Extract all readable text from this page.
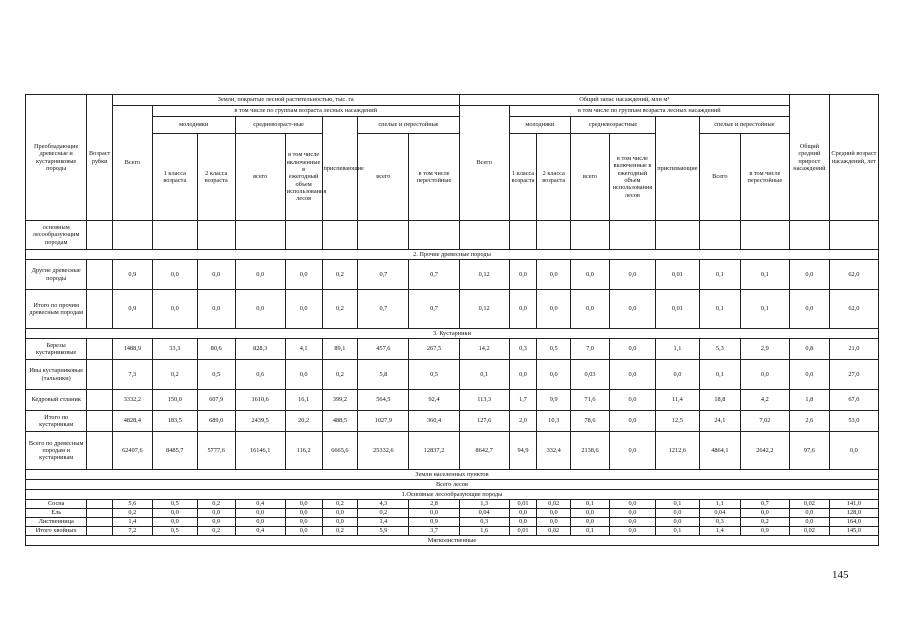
Преобладающие древесные и кустарниковые породы	Возраст рубки	Земли, покрытые лесной растительностью, тыс. га								Общий запас насаждений, млн м³								Общий средний прирост насаждений	Средний возраст насаждений, лет
		Всего	в том числе по группам возраста лесных насаждений							Всего	в том числе по группам возраста лесных насаждений								
			молодняки		средневозраст-ные		приспевающие	спелые и перестойные			молодняки		средневозрастные		приспевающие	спелые и перестойные			
			1 класса возраста	2 класса возраста	всего	в том числе включенные в ежегодный объем использования лесов		всего	в том числе перестойные		1 класса возраста	2 класса возраста	всего	в том числе включенные в ежегодный объем использования лесов		Всего	в том числе перестойные		
основным лесообразующим породам																			
2. Прочие древесные породы																			
Другие древесные породы		0,9	0,0	0,0	0,0	0,0	0,2	0,7	0,7	0,12	0,0	0,0	0,0	0,0	0,01	0,1	0,1	0,0	62,0
Итого по прочим древесным породам		0,9	0,0	0,0	0,0	0,0	0,2	0,7	0,7	0,12	0,0	0,0	0,0	0,0	0,01	0,1	0,1	0,0	62,0
3. Кустарники																			
Березы кустарниковые		1488,9	33,3	80,6	828,3	4,1	89,1	457,6	267,5	14,2	0,3	0,5	7,0	0,0	1,1	5,3	2,9	0,8	21,0
Ивы кустарниковые (тальники)		7,3	0,2	0,5	0,6	0,0	0,2	5,8	0,5	0,1	0,0	0,0	0,03	0,0	0,0	0,1	0,0	0,0	27,0
Кедровый стланик		3332,2	150,0	607,9	1610,6	16,1	399,2	564,5	92,4	113,3	1,7	9,9	71,6	0,0	11,4	18,8	4,2	1,8	67,0
Итого по кустарникам		4828,4	183,5	689,0	2439,5	20,2	488,5	1027,9	360,4	127,6	2,0	10,3	78,6	0,0	12,5	24,1	7,02	2,6	53,0
Всего по древесным породам и кустарникам		62407,6	8485,7	5777,6	16146,1	116,2	6665,6	25332,6	12837,2	8642,7	94,9	332,4	2138,6	0,0	1212,6	4864,1	2642,2	97,6	0,0
Земли населенных пунктов																			
Всего лесов																			
1.Основные лесообразующие породы																			
Сосна		5,6	0,5	0,2	0,4	0,0	0,2	4,3	2,8	1,3	0,01	0,02	0,1	0,0	0,1	1,1	0,7	0,02	141,0
Ель		0,2	0,0	0,0	0,0	0,0	0,0	0,2	0,0	0,04	0,0	0,0	0,0	0,0	0,0	0,04	0,0	0,0	128,0
Лиственница		1,4	0,0	0,0	0,0	0,0	0,0	1,4	0,9	0,3	0,0	0,0	0,0	0,0	0,0	0,3	0,2	0,0	164,0
Итого хвойных		7,2	0,5	0,2	0,4	0,0	0,2	5,9	3,7	1,6	0,01	0,02	0,1	0,0	0,1	1,4	0,9	0,02	145,0
Мягколиственные																			
145
